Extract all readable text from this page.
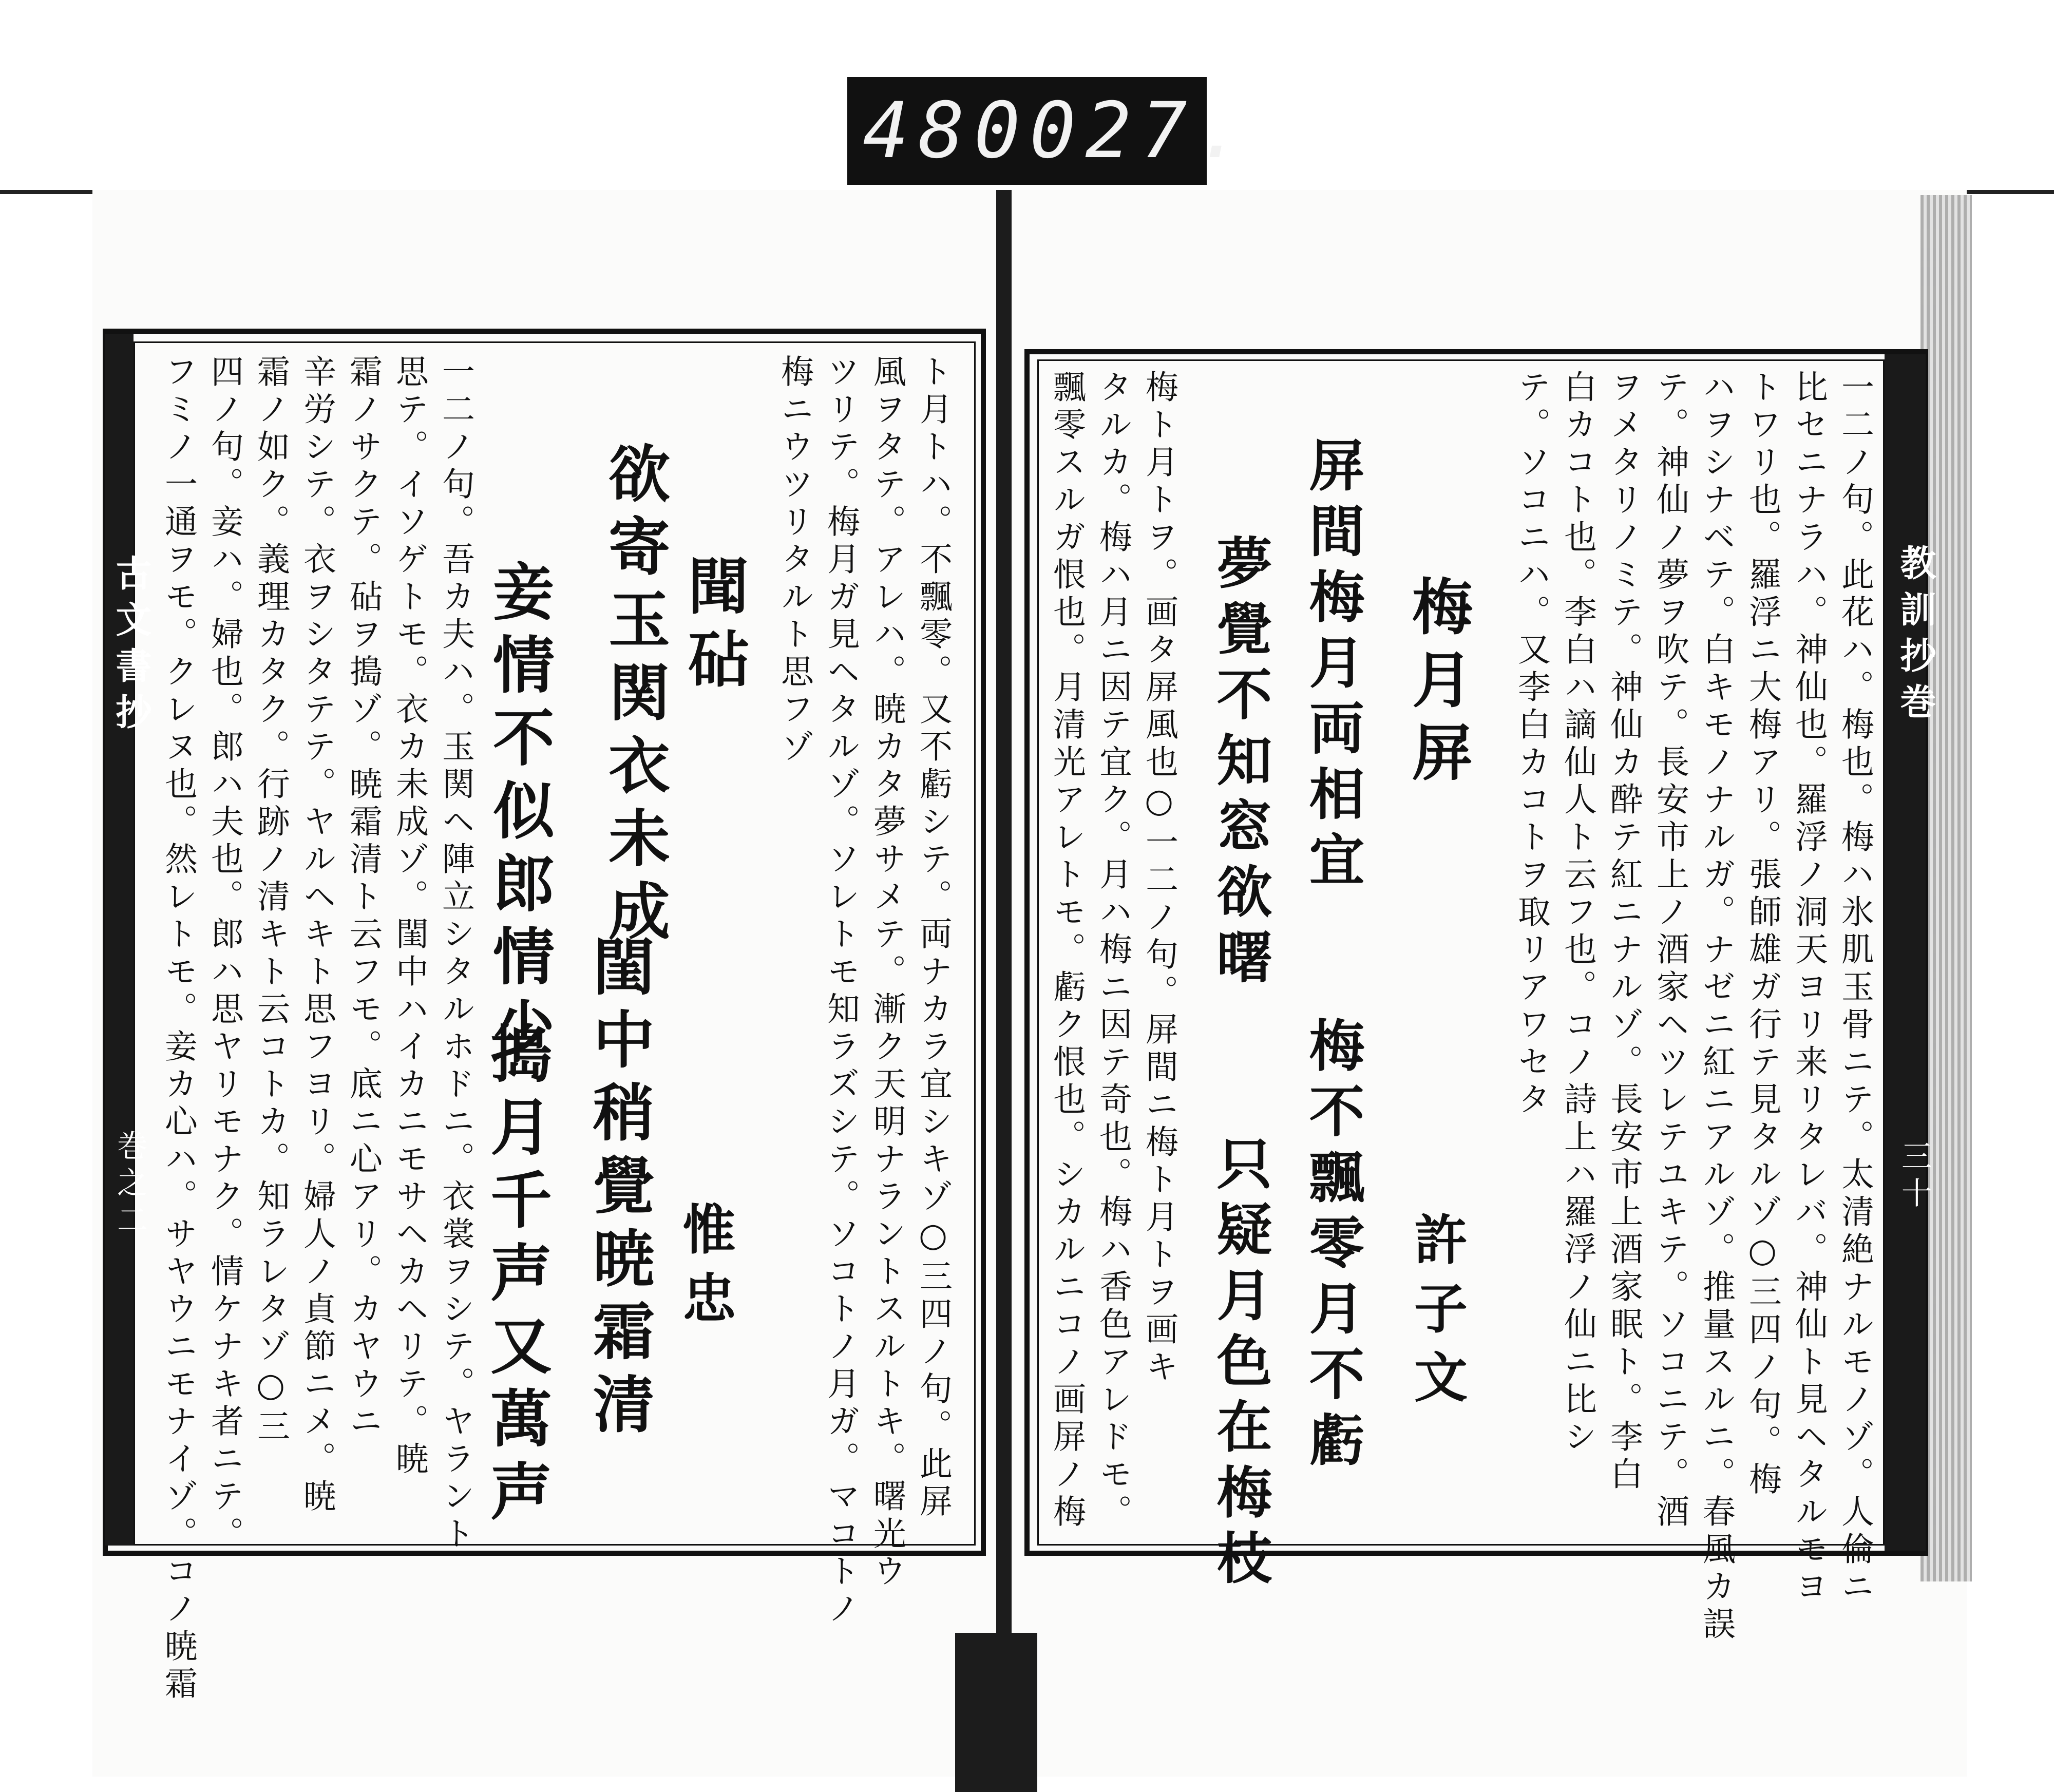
480 027.
古文書抄
巻之二	ト月トハ。不飄零。又不虧シテ。両ナカラ宜シキゾ○三四ノ句。此屏
風ヲタテ。アレハ。暁カタ夢サメテ。漸ク天明ナラントスルトキ。曙光ウ
ツリテ。梅月ガ見ヘタルゾ。ソレトモ知ラズシテ。ソコトノ月ガ。マコトノ
梅ニウツリタルト思フゾ
聞砧
惟忠
欲寄玉関衣未成
閨中稍覺暁霜清
妾情不似郎情少
搗月千声又萬声
一二ノ句。吾カ夫ハ。玉関ヘ陣立シタルホドニ。衣裳ヲシテ。ヤラント
思テ。イソゲトモ。衣カ未成ゾ。閨中ハイカニモサヘカヘリテ。暁
霜ノサクテ。砧ヲ搗ゾ。暁霜清ト云フモ。底ニ心アリ。カヤウニ
辛労シテ。衣ヲシタテテ。ヤルヘキト思フヨリ。婦人ノ貞節ニメ。暁
霜ノ如ク。義理カタク。行跡ノ清キト云コトカ。知ラレタゾ○三
四ノ句。妾ハ。婦也。郎ハ夫也。郎ハ思ヤリモナク。情ケナキ者ニテ。
フミノ一通ヲモ。クレヌ也。然レトモ。妾カ心ハ。サヤウニモナイゾ。コノ暁霜	教訓抄巻
三十
一二ノ句。此花ハ。梅也。梅ハ氷肌玉骨ニテ。太清絶ナルモノゾ。人倫ニ
比セニナラハ。神仙也。羅浮ノ洞天ヨリ来リタレバ。神仙ト見ヘタルモヨ
トワリ也。羅浮ニ大梅アリ。張師雄ガ行テ見タルゾ○三四ノ句。梅
ハヲシナベテ。白キモノナルガ。ナゼニ紅ニアルゾ。推量スルニ。春風カ誤
テ。神仙ノ夢ヲ吹テ。長安市上ノ酒家ヘツレテユキテ。ソコニテ。酒
ヲメタリノミテ。神仙カ酔テ紅ニナルゾ。長安市上酒家眠ト。李白
白カコト也。李白ハ謫仙人ト云フ也。コノ詩上ハ羅浮ノ仙ニ比シ
テ。ソコニハ。又李白カコトヲ取リアワセタ
梅月屏
許子文
屏間梅月両相宜
梅不飄零月不虧
夢覺不知窓欲曙
只疑月色在梅枝
梅ト月トヲ。画タ屏風也○一二ノ句。屏間ニ梅ト月トヲ画キ
タルカ。梅ハ月ニ因テ宜ク。月ハ梅ニ因テ奇也。梅ハ香色アレドモ。
飄零スルガ恨也。月清光アレトモ。虧ク恨也。シカルニコノ画屏ノ梅
